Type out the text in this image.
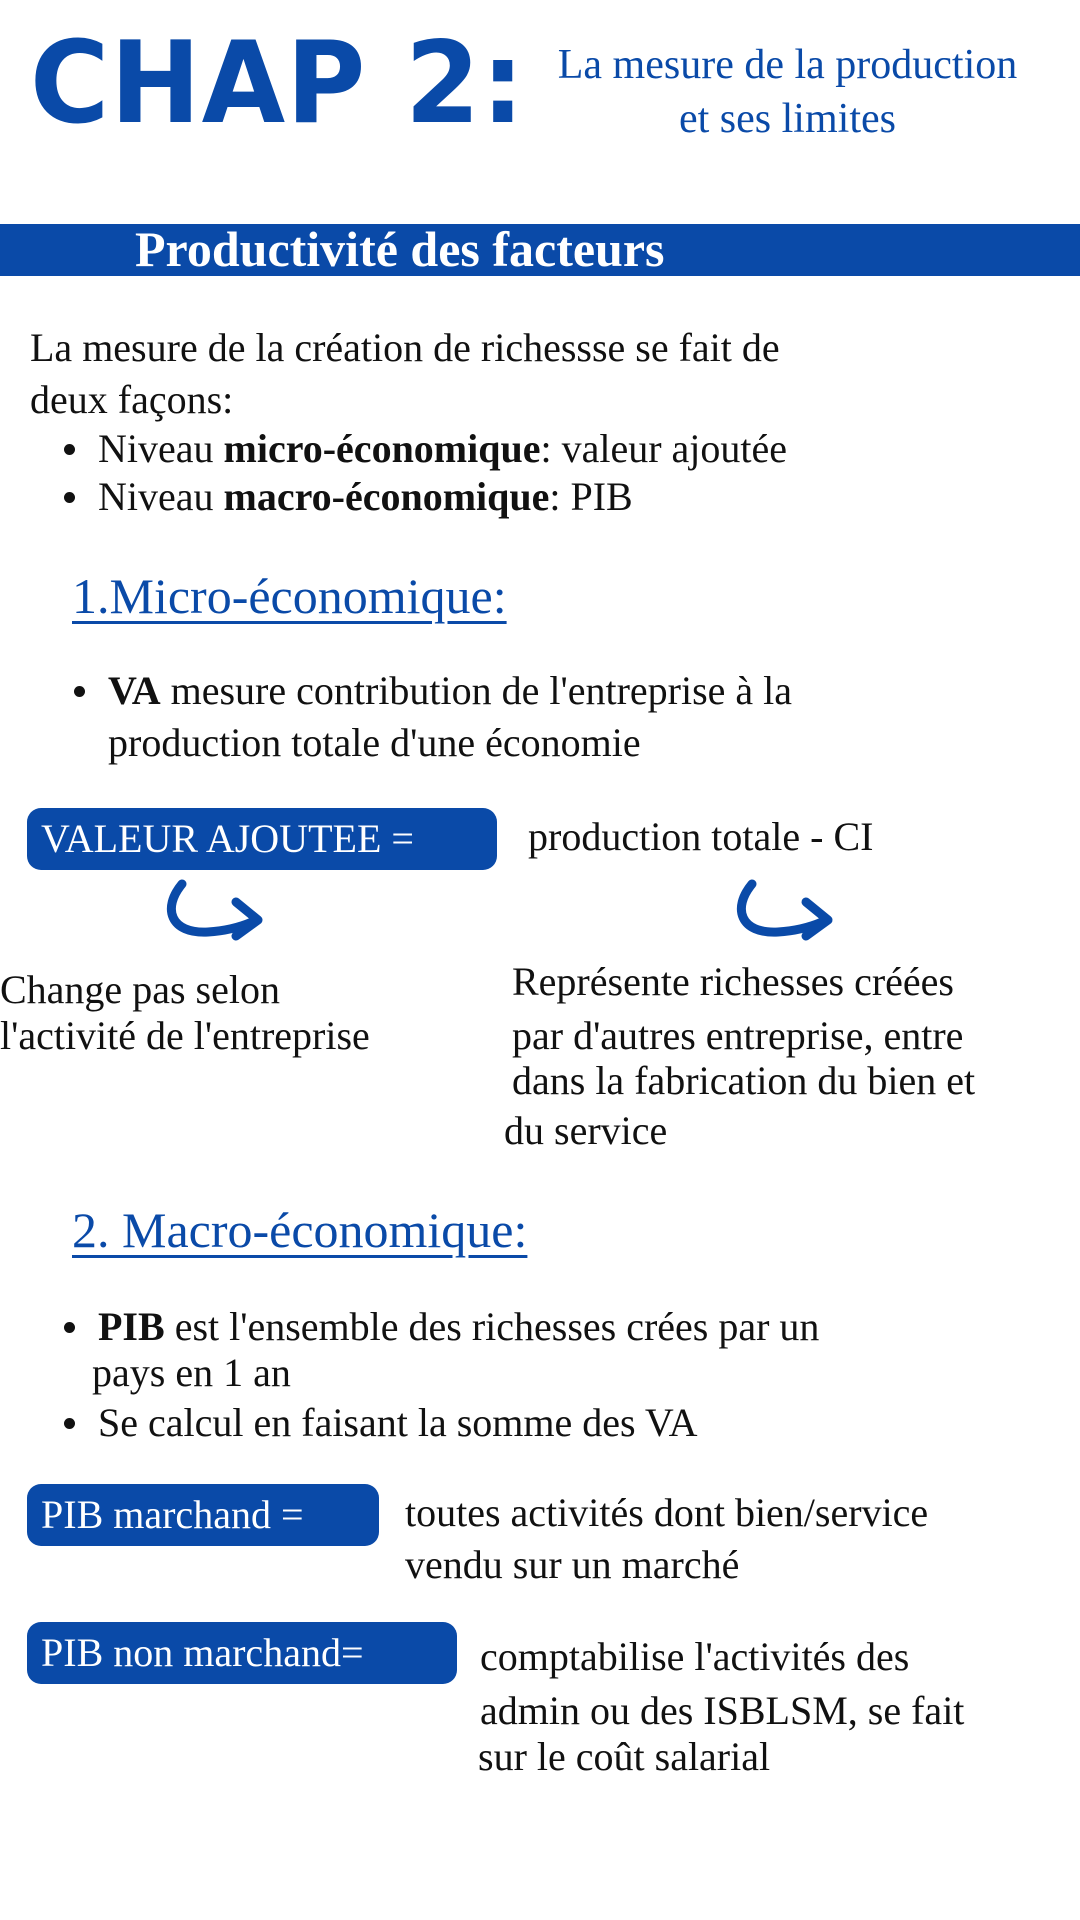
CHAP 2: La mesure de la production
et ses limites
Productivité des facteurs
La mesure de la création de richessse se fait de
deux façons:
Niveau micro-économique: valeur ajoutée
Niveau macro-économique: PIB
1.Micro-économique:
VA mesure contribution de l'entreprise à la
production totale d'une économie
VALEUR AJOUTEE =	production totale - CI
Change pas selon
l'activité de l'entreprise
Représente richesses créées
par d'autres entreprise, entre
dans la fabrication du bien et
du service
2. Macro-économique:
PIB est l'ensemble des richesses crées par un
pays en 1 an
Se calcul en faisant la somme des VA
PIB marchand =	toutes activités dont bien/service
vendu sur un marché
PIB non marchand=	comptabilise l'activités des
admin ou des ISBLSM, se fait
sur le coût salarial
